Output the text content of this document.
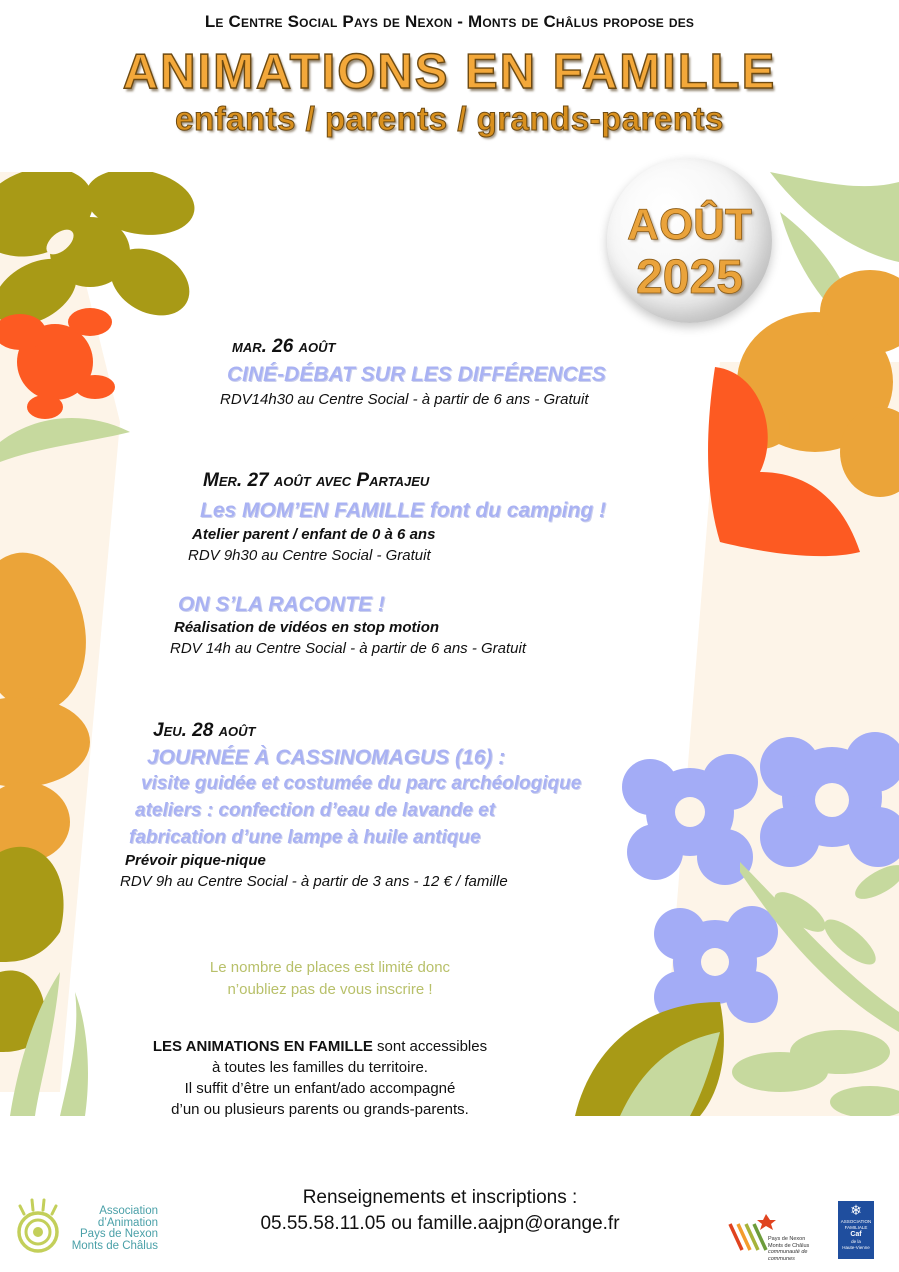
Le Centre Social Pays de Nexon - Monts de Châlus propose des
ANIMATIONS EN FAMILLE
enfants / parents / grands-parents
AOÛT
2025
mar. 26 août
CINÉ-DÉBAT SUR LES DIFFÉRENCES
RDV14h30 au Centre Social - à partir de 6 ans - Gratuit
Mer. 27 août avec Partajeu
Les MOM’EN FAMILLE font du camping !
Atelier parent / enfant de 0 à 6 ans
RDV 9h30 au Centre Social - Gratuit
ON S’LA RACONTE !
Réalisation de vidéos en stop motion
RDV 14h au Centre Social - à partir de 6 ans - Gratuit
Jeu. 28 août
JOURNÉE À CASSINOMAGUS (16) :
visite guidée et costumée du parc archéologique
ateliers : confection d’eau de lavande et
fabrication d’une lampe à huile antique
Prévoir pique-nique
RDV 9h au Centre Social - à partir de 3 ans - 12 € / famille
Le nombre de places est limité donc
n’oubliez pas de vous inscrire !
LES ANIMATIONS EN FAMILLE sont accessibles
à toutes les familles du territoire.
Il suffit d’être un enfant/ado accompagné
d’un ou plusieurs parents ou grands-parents.
Renseignements et inscriptions :
05.55.58.11.05 ou famille.aajpn@orange.fr
Association
d’Animation
Pays de Nexon
Monts de Châlus
Pays de Nexon
Monts de Châlus
communauté de communes
❄
ASSOCIATION
FAMILIALE
Caf
de la
Haute-Vienne
